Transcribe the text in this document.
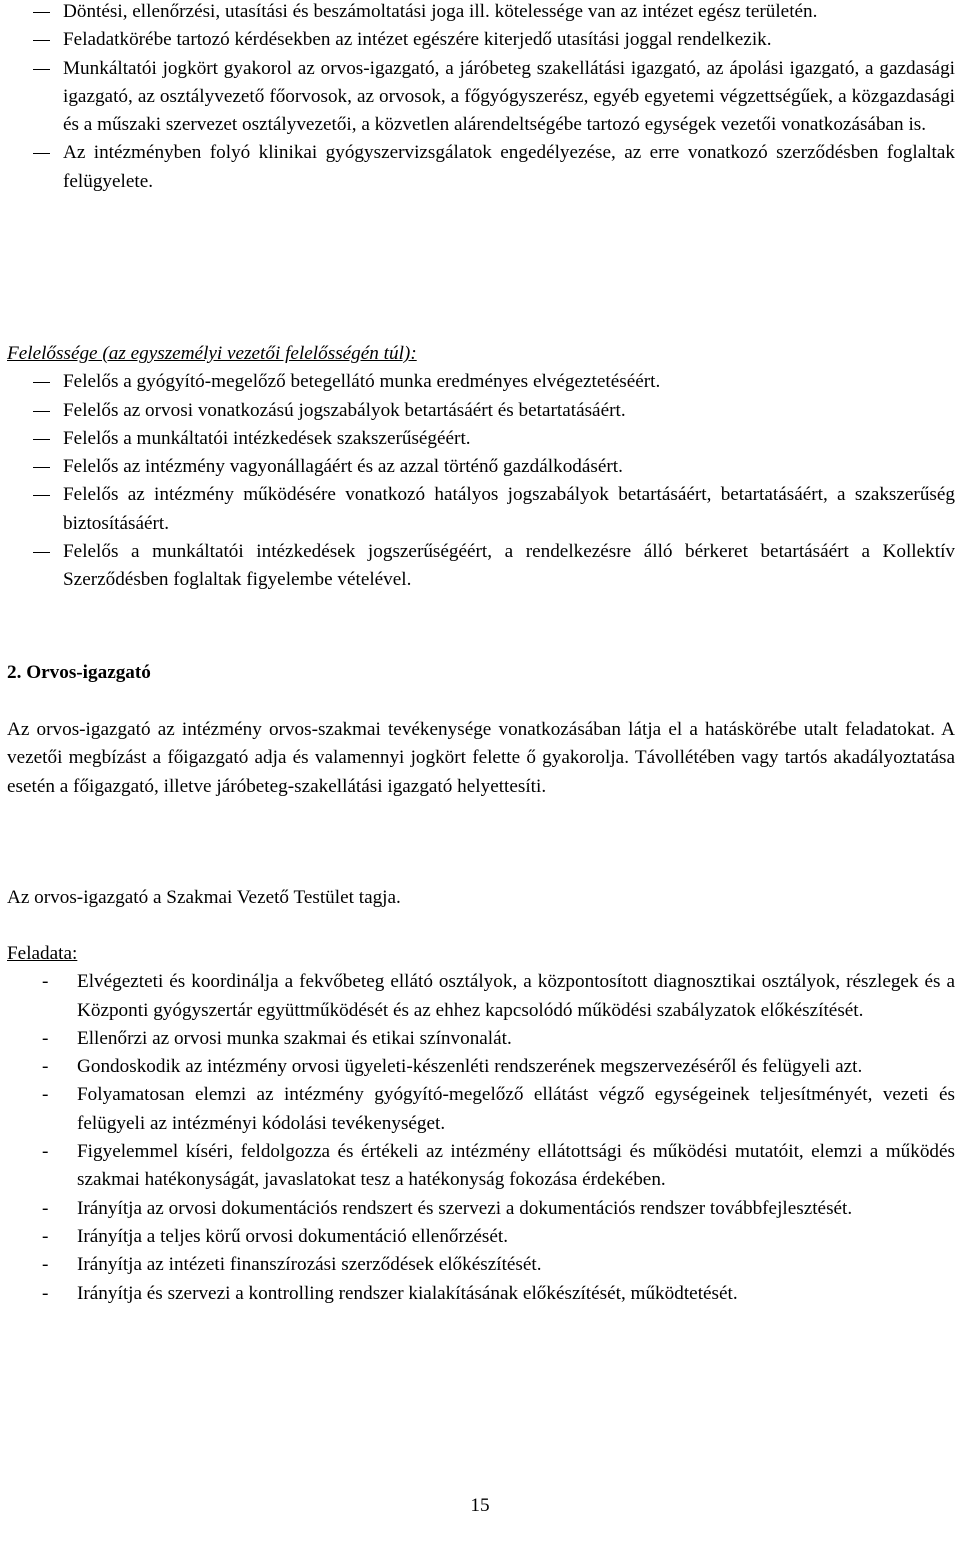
Döntési, ellenőrzési, utasítási és beszámoltatási joga ill. kötelessége van az intézet egész területén.
Feladatkörébe tartozó kérdésekben az intézet egészére kiterjedő utasítási joggal rendelkezik.
Munkáltatói jogkört gyakorol az orvos-igazgató, a járóbeteg szakellátási igazgató, az ápolási igazgató, a gazdasági igazgató, az osztályvezető főorvosok, az orvosok, a főgyógyszerész, egyéb egyetemi végzettségűek, a közgazdasági és a műszaki szervezet osztályvezetői, a közvetlen alárendeltségébe tartozó egységek vezetői vonatkozásában is.
Az intézményben folyó klinikai gyógyszervizsgálatok engedélyezése, az erre vonatkozó szerződésben foglaltak felügyelete.
Felelőssége (az egyszemélyi vezetői felelősségén túl):
Felelős a gyógyító-megelőző betegellátó munka eredményes elvégeztetéséért.
Felelős az orvosi vonatkozású jogszabályok betartásáért és betartatásáért.
Felelős a munkáltatói intézkedések szakszerűségéért.
Felelős az intézmény vagyonállagáért és az azzal történő gazdálkodásért.
Felelős az intézmény működésére vonatkozó hatályos jogszabályok betartásáért, betartatásáért, a szakszerűség biztosításáért.
Felelős a munkáltatói intézkedések jogszerűségéért, a rendelkezésre álló bérkeret betartásáért a Kollektív Szerződésben foglaltak figyelembe vételével.
2. Orvos-igazgató

Az orvos-igazgató az intézmény orvos-szakmai tevékenysége vonatkozásában látja el a hatáskörébe utalt feladatokat. A vezetői megbízást a főigazgató adja és valamennyi jogkört felette ő gyakorolja. Távollétében vagy tartós akadályoztatása esetén a főigazgató, illetve járóbeteg-szakellátási igazgató helyettesíti.

Az orvos-igazgató a Szakmai Vezető Testület tagja.
Feladata:
- Elvégezteti és koordinálja a fekvőbeteg ellátó osztályok, a központosított diagnosztikai osztályok, részlegek és a Központi gyógyszertár együttműködését és az ehhez kapcsolódó működési szabályzatok előkészítését.
- Ellenőrzi az orvosi munka szakmai és etikai színvonalát.
- Gondoskodik az intézmény orvosi ügyeleti-készenléti rendszerének megszervezéséről és felügyeli azt.
- Folyamatosan elemzi az intézmény gyógyító-megelőző ellátást végző egységeinek teljesítményét, vezeti és felügyeli az intézményi kódolási tevékenységet.
- Figyelemmel kíséri, feldolgozza és értékeli az intézmény ellátottsági és működési mutatóit, elemzi a működés szakmai hatékonyságát, javaslatokat tesz a hatékonyság fokozása érdekében.
- Irányítja az orvosi dokumentációs rendszert és szervezi a dokumentációs rendszer továbbfejlesztését.
- Irányítja a teljes körű orvosi dokumentáció ellenőrzését.
- Irányítja az intézeti finanszírozási szerződések előkészítését.
- Irányítja és szervezi a kontrolling rendszer kialakításának előkészítését, működtetését.
15
